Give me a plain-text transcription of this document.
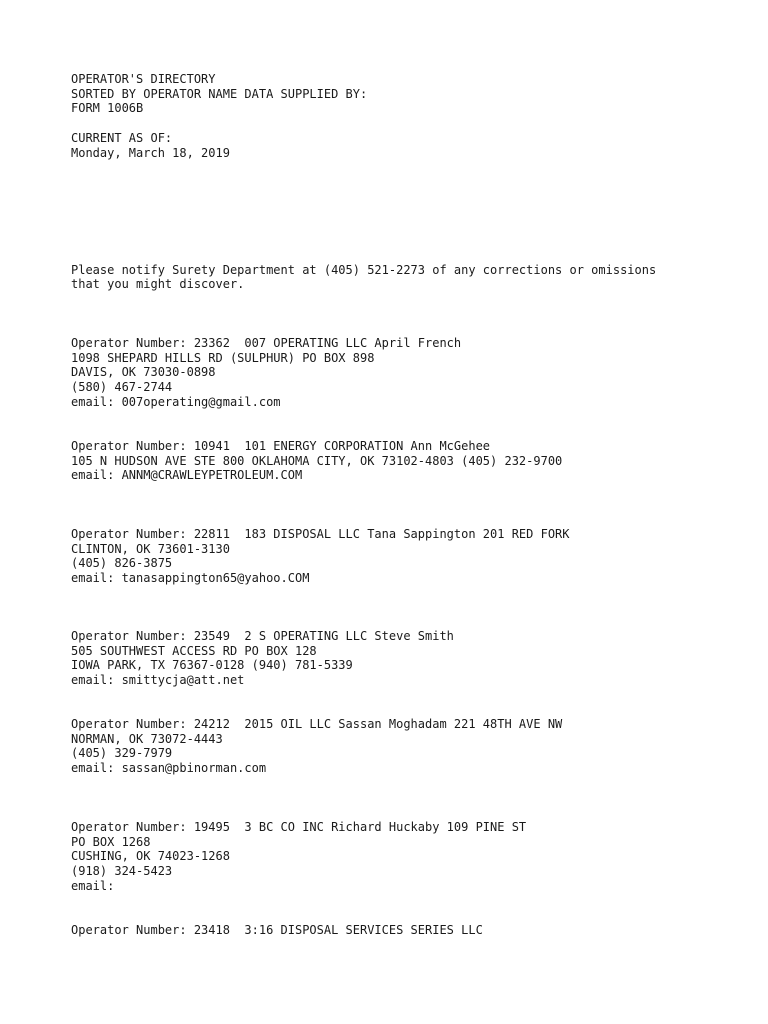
OPERATOR'S DIRECTORY
SORTED BY OPERATOR NAME DATA SUPPLIED BY:
FORM 1006B
CURRENT AS OF:
Monday, March 18, 2019
Please notify Surety Department at (405) 521-2273 of any corrections or omissions
that you might discover.
Operator Number: 23362  007 OPERATING LLC April French
1098 SHEPARD HILLS RD (SULPHUR) PO BOX 898
DAVIS, OK 73030-0898
(580) 467-2744
email: 007operating@gmail.com
Operator Number: 10941  101 ENERGY CORPORATION Ann McGehee
105 N HUDSON AVE STE 800 OKLAHOMA CITY, OK 73102-4803 (405) 232-9700
email: ANNM@CRAWLEYPETROLEUM.COM
Operator Number: 22811  183 DISPOSAL LLC Tana Sappington 201 RED FORK
CLINTON, OK 73601-3130
(405) 826-3875
email: tanasappington65@yahoo.COM
Operator Number: 23549  2 S OPERATING LLC Steve Smith
505 SOUTHWEST ACCESS RD PO BOX 128
IOWA PARK, TX 76367-0128 (940) 781-5339
email: smittycja@att.net
Operator Number: 24212  2015 OIL LLC Sassan Moghadam 221 48TH AVE NW
NORMAN, OK 73072-4443
(405) 329-7979
email: sassan@pbinorman.com
Operator Number: 19495  3 BC CO INC Richard Huckaby 109 PINE ST
PO BOX 1268
CUSHING, OK 74023-1268
(918) 324-5423
email:
Operator Number: 23418  3:16 DISPOSAL SERVICES SERIES LLC
